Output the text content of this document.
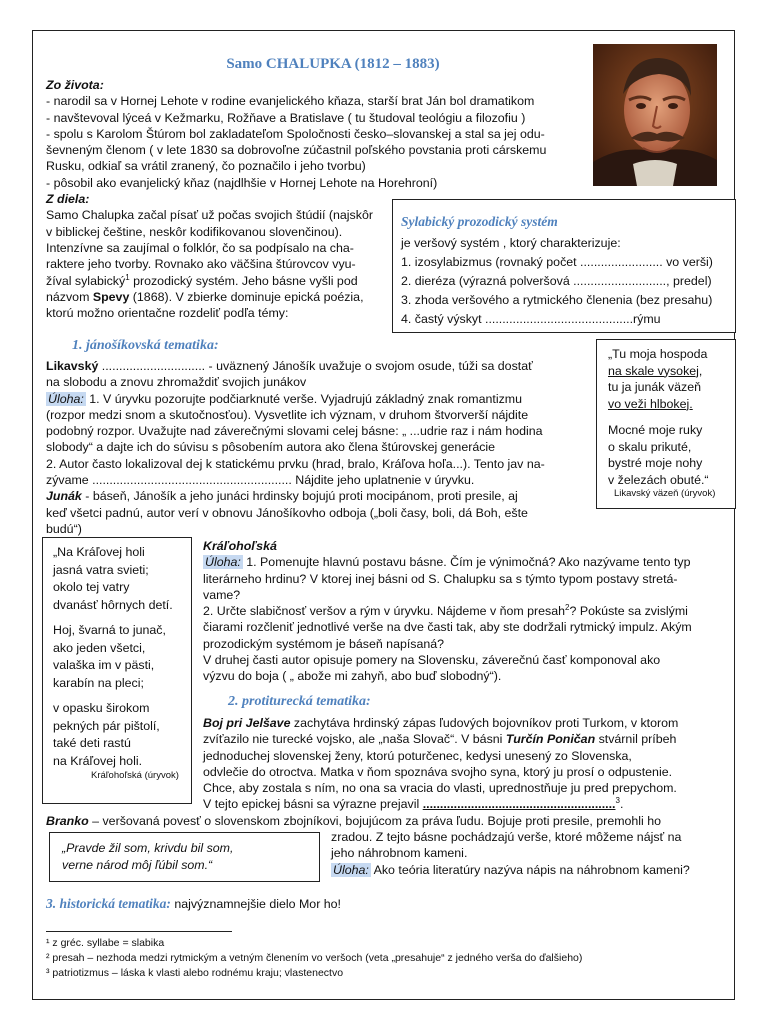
Samo CHALUPKA (1812 – 1883)
Zo života:
- narodil sa v Hornej Lehote v rodine evanjelického kňaza, starší brat Ján bol dramatikom
- navštevoval lýceá v Kežmarku, Rožňave a Bratislave ( tu študoval teológiu a filozofiu )
- spolu s Karolom Štúrom bol zakladateľom Spoločnosti česko–slovanskej a stal sa jej odu-
ševneným členom ( v lete 1830 sa dobrovoľne zúčastnil poľského povstania proti cárskemu
Rusku, odkiaľ sa vrátil zranený, čo poznačilo i jeho tvorbu)
- pôsobil ako evanjelický kňaz (najdlhšie v Hornej Lehote na Horehroní)
Z diela:
Samo Chalupka začal písať už počas svojich štúdií (najskôr
v biblickej češtine, neskôr kodifikovanou slovenčinou).
Intenzívne sa zaujímal o folklór, čo sa podpísalo na cha-
raktere jeho tvorby. Rovnako ako väčšina štúrovcov vyu-
žíval sylabický$^1$ prozodický systém. Jeho básne vyšli pod
názvom Spevy (1868). V zbierke dominuje epická poézia,
ktorú možno orientačne rozdeliť podľa témy:
Sylabický prozodický systém
je veršový systém , ktorý charakterizuje:
1. izosylabizmus (rovnaký počet ........................ vo verši)
2. dieréza (výrazná polveršová ..........................., predel)
3. zhoda veršového a rytmického členenia (bez presahu)
4. častý výskyt ...........................................rýmu
1. jánošíkovská tematika:
„Tu moja hospoda
na skale vysokej,
tu ja junák väzeň
vo veži hlbokej.
Mocné moje ruky
o skalu prikuté,
bystré moje nohy
v železách obuté.“
Likavský väzeň (úryvok)
Likavský .............................. - uväznený Jánošík uvažuje o svojom osude, túži sa dostať
na slobodu a znovu zhromaždiť svojich junákov
Úloha: 1. V úryvku pozorujte podčiarknuté verše. Vyjadrujú základný znak romantizmu
(rozpor medzi snom a skutočnosťou). Vysvetlite ich význam, v druhom štvorverší nájdite
podobný rozpor. Uvažujte nad záverečnými slovami celej básne: „ ...udrie raz i nám hodina
slobody“ a dajte ich do súvisu s pôsobením autora ako člena štúrovskej generácie
2. Autor často lokalizoval dej k statickému prvku (hrad, bralo, Kráľova hoľa...). Tento jav na-
zývame .......................................................... Nájdite jeho uplatnenie v úryvku.
Junák - báseň, Jánošík a jeho junáci hrdinsky bojujú proti mocipánom, proti presile, aj
keď všetci padnú, autor verí v obnovu Jánošíkovho odboja („boli časy, boli, dá Boh, ešte
budú“)
„Na Kráľovej holi
jasná vatra svieti;
okolo tej vatry
dvanásť hôrnych detí.
Hoj, švarná to junač,
ako jeden všetci,
valaška im v pästi,
karabín na pleci;
v opasku širokom
pekných pár pištolí,
také deti rastú
na Kráľovej holi.
Kráľohoľská (úryvok)
Kráľohoľská
Úloha: 1. Pomenujte hlavnú postavu básne. Čím je výnimočná? Ako nazývame tento typ
literárneho hrdinu? V ktorej inej básni od S. Chalupku sa s týmto typom postavy stretá-
vame?
2. Určte slabičnosť veršov a rým v úryvku. Nájdeme v ňom presah$^2$? Pokúste sa zvislými
čiarami rozčleniť jednotlivé verše na dve časti tak, aby ste dodržali rytmický impulz. Akým
prozodickým systémom je báseň napísaná?
V druhej časti autor opisuje pomery na Slovensku, záverečnú časť komponoval ako
výzvu do boja ( „ abože mi zahyň, abo buď slobodný“).
2. protiturecká tematika:
Boj pri Jelšave zachytáva hrdinský zápas ľudových bojovníkov proti Turkom, v ktorom
zvíťazilo nie turecké vojsko, ale „naša Slovač“. V básni Turčín Poničan stvárnil príbeh
jednoduchej slovenskej ženy, ktorú poturčenec, kedysi unesený zo Slovenska,
odvlečie do otroctva. Matka v ňom spoznáva svojho syna, ktorý ju prosí o odpustenie.
Chce, aby zostala s ním, no ona sa vracia do vlasti, uprednostňuje ju pred prepychom.
V tejto epickej básni sa výrazne prejavil ........................................................$^3$.
Branko – veršovaná povesť o slovenskom zbojníkovi, bojujúcom za práva ľudu. Bojuje proti presile, premohli ho
zradou. Z tejto básne pochádzajú verše, ktoré môžeme nájsť na
jeho náhrobnom kameni.
Úloha: Ako teória literatúry nazýva nápis na náhrobnom kameni?
„Pravde žil som, krivdu bil som,
verne národ môj ľúbil som.“
3. historická tematika: najvýznamnejšie dielo Mor ho!
¹ z gréc. syllabe = slabika
² presah – nezhoda medzi rytmickým a vetným členením vo veršoch (veta „presahuje“ z jedného verša do ďalšieho)
³ patriotizmus – láska k vlasti alebo rodnému kraju; vlastenectvo
